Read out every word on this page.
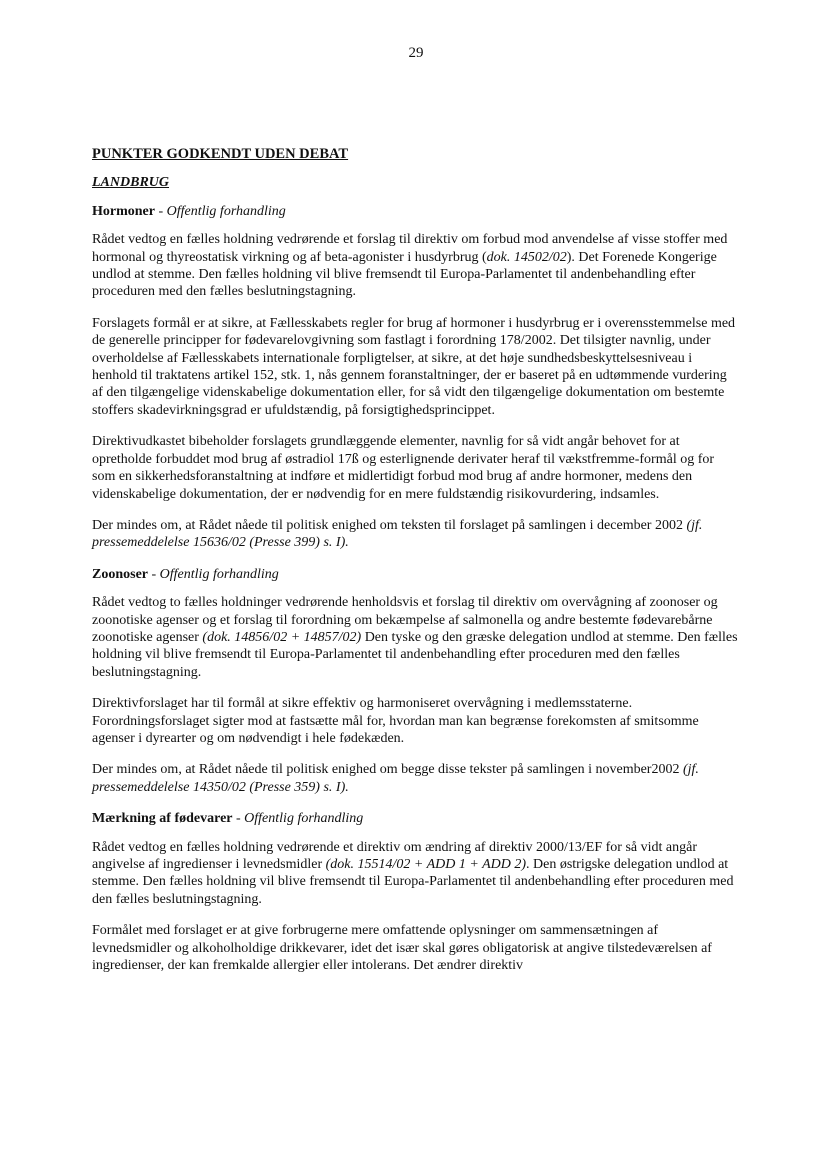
29
PUNKTER GODKENDT UDEN DEBAT
LANDBRUG
Hormoner - Offentlig forhandling

Rådet vedtog en fælles holdning vedrørende et forslag til direktiv om forbud mod anvendelse af visse stoffer med hormonal og thyreostatisk virkning og af beta-agonister i husdyrbrug (dok. 14502/02). Det Forenede Kongerige undlod at stemme. Den fælles holdning vil blive fremsendt til Europa-Parlamentet til andenbehandling efter proceduren med den fælles beslutningstagning.

Forslagets formål er at sikre, at Fællesskabets regler for brug af hormoner i husdyrbrug er i overensstemmelse med de generelle principper for fødevarelovgivning som fastlagt i forordning 178/2002. Det tilsigter navnlig, under overholdelse af Fællesskabets internationale forpligtelser, at sikre, at det høje sundhedsbeskyttelsesniveau i henhold til traktatens artikel 152, stk. 1, nås gennem foranstaltninger, der er baseret på en udtømmende vurdering af den tilgængelige videnskabelige dokumentation eller, for så vidt den tilgængelige dokumentation om bestemte stoffers skadevirkningsgrad er ufuldstændig, på forsigtighedsprincippet.

Direktivudkastet bibeholder forslagets grundlæggende elementer, navnlig for så vidt angår behovet for at opretholde forbuddet mod brug af østradiol 17ß og esterlignende derivater heraf til vækstfremme-formål og for som en sikkerhedsforanstaltning at indføre et midlertidigt forbud mod brug af andre hormoner, medens den videnskabelige dokumentation, der er nødvendig for en mere fuldstændig risikovurdering, indsamles.

Der mindes om, at Rådet nåede til politisk enighed om teksten til forslaget på samlingen i december 2002 (jf. pressemeddelelse 15636/02 (Presse 399) s. I).

Zoonoser - Offentlig forhandling

Rådet vedtog to fælles holdninger vedrørende henholdsvis et forslag til direktiv om overvågning af zoonoser og zoonotiske agenser og et forslag til forordning om bekæmpelse af salmonella og andre bestemte fødevarebårne zoonotiske agenser (dok. 14856/02 + 14857/02) Den tyske og den græske delegation undlod at stemme. Den fælles holdning vil blive fremsendt til Europa-Parlamentet til andenbehandling efter proceduren med den fælles beslutningstagning.

Direktivforslaget har til formål at sikre effektiv og harmoniseret overvågning i medlemsstaterne. Forordningsforslaget sigter mod at fastsætte mål for, hvordan man kan begrænse forekomsten af smitsomme agenser i dyrearter og om nødvendigt i hele fødekæden.

Der mindes om, at Rådet nåede til politisk enighed om begge disse tekster på samlingen i november2002 (jf. pressemeddelelse 14350/02 (Presse 359) s. I).

Mærkning af fødevarer - Offentlig forhandling

Rådet vedtog en fælles holdning vedrørende et direktiv om ændring af direktiv 2000/13/EF for så vidt angår angivelse af ingredienser i levnedsmidler (dok. 15514/02 + ADD 1 + ADD 2). Den østrigske delegation undlod at stemme. Den fælles holdning vil blive fremsendt til Europa-Parlamentet til andenbehandling efter proceduren med den fælles beslutningstagning.

Formålet med forslaget er at give forbrugerne mere omfattende oplysninger om sammensætningen af levnedsmidler og alkoholholdige drikkevarer, idet det især skal gøres obligatorisk at angive tilstedeværelsen af ingredienser, der kan fremkalde allergier eller intolerans. Det ændrer direktiv
